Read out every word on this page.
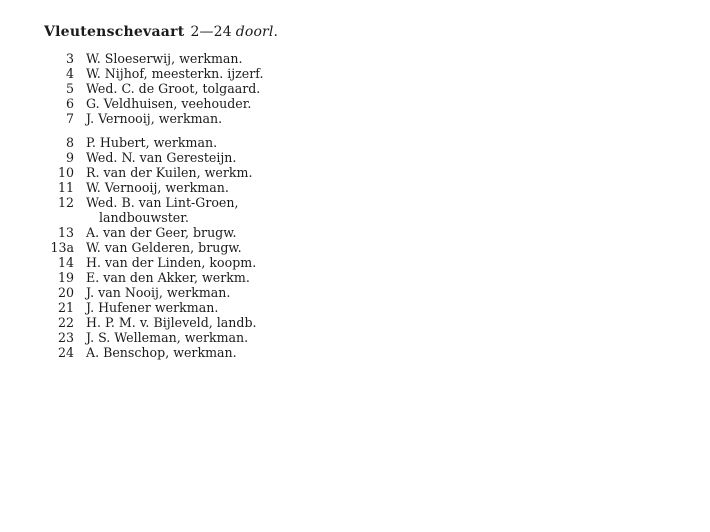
Vleutenschevaart 2—24 doorl.
3 W. Sloeserwij, werkman.
4 W. Nijhof, meesterkn. ijzerf.
5 Wed. C. de Groot, tolgaard.
6 G. Veldhuisen, veehouder.
7 J. Vernooij, werkman.
8 P. Hubert, werkman.
9 Wed. N. van Geresteijn.
10 R. van der Kuilen, werkm.
11 W. Vernooij, werkman.
12 Wed. B. van Lint-Groen,
landbouwster.
13 A. van der Geer, brugw.
13a W. van Gelderen, brugw.
14 H. van der Linden, koopm.
19 E. van den Akker, werkm.
20 J. van Nooij, werkman.
21 J. Hufener werkman.
22 H. P. M. v. Bijleveld, landb.
23 J. S. Welleman, werkman.
24 A. Benschop, werkman.
